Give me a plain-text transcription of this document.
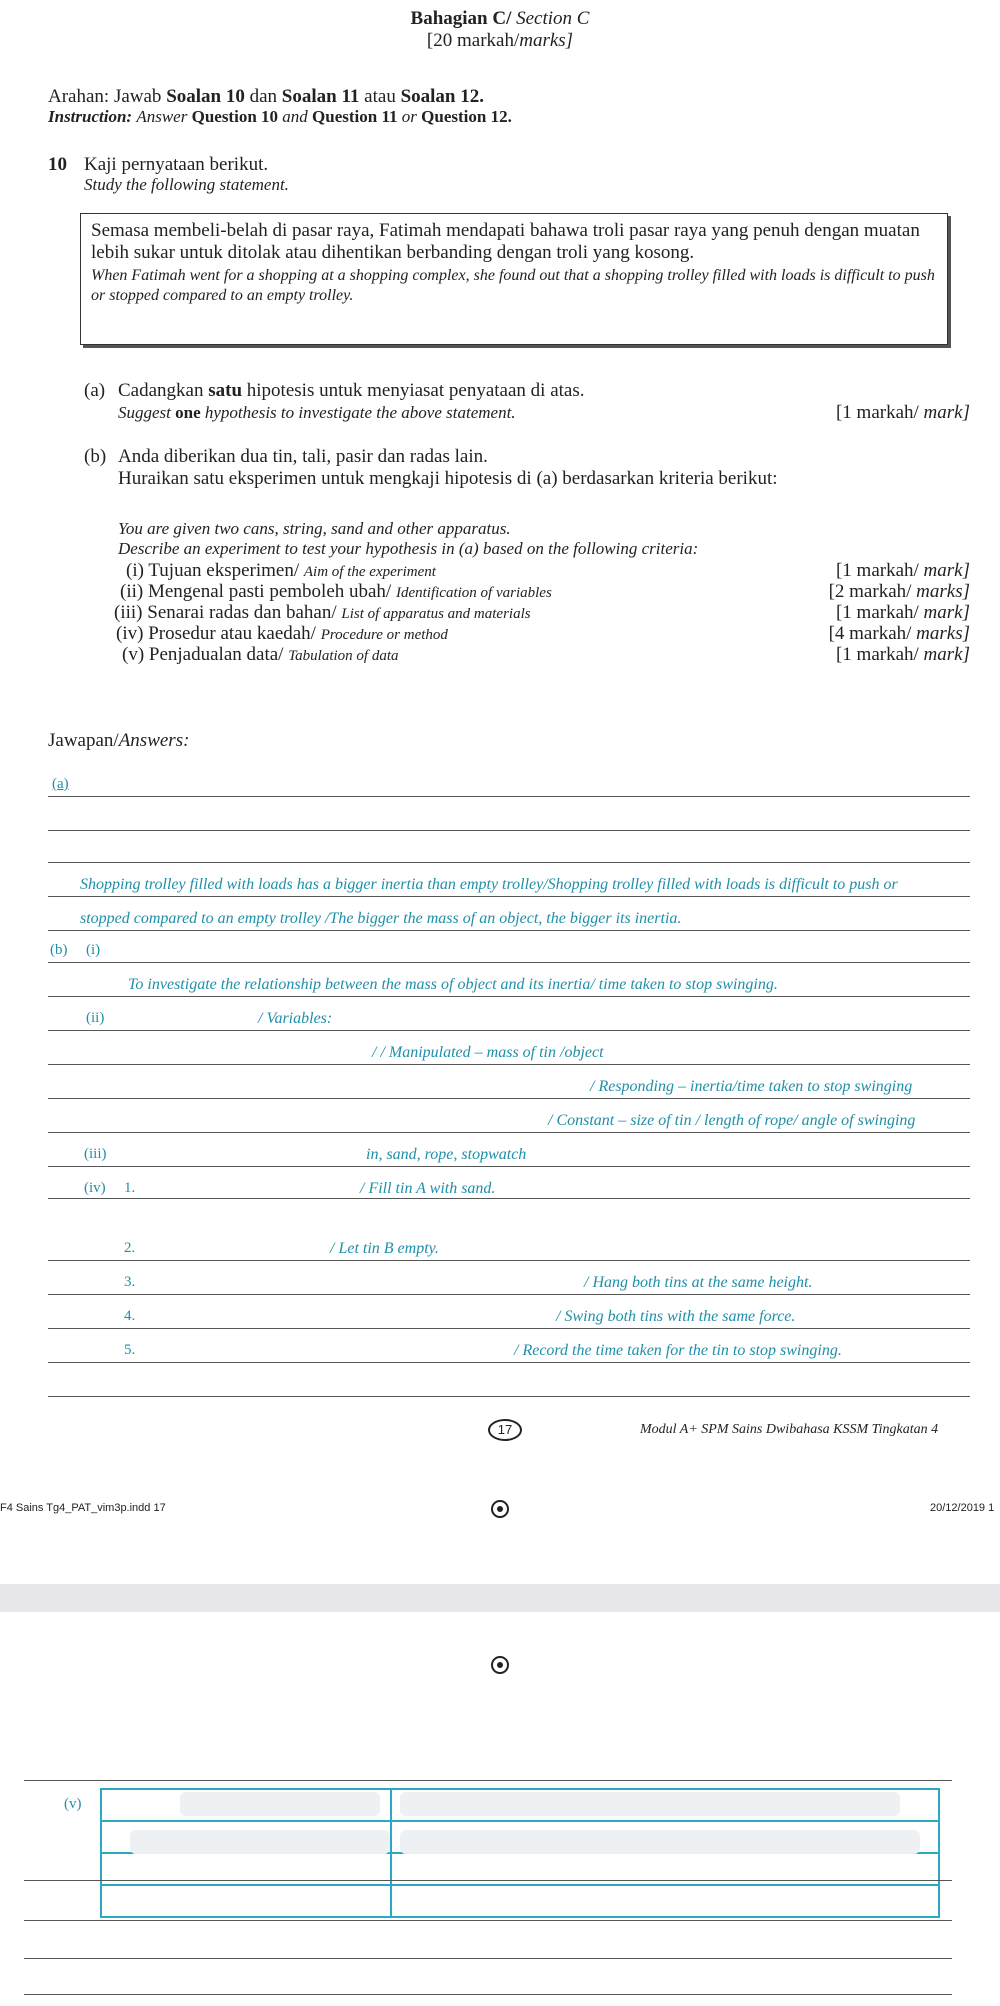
Bahagian C/ Section C
[20 markah/marks]
Arahan: Jawab Soalan 10 dan Soalan 11 atau Soalan 12.
Instruction: Answer Question 10 and Question 11 or Question 12.
10 Kaji pernyataan berikut.
Study the following statement.

Semasa membeli-belah di pasar raya, Fatimah mendapati bahawa troli pasar raya yang penuh dengan muatan lebih sukar untuk ditolak atau dihentikan berbanding dengan troli yang kosong.

When Fatimah went for a shopping at a shopping complex, she found out that a shopping trolley filled with loads is difficult to push or stopped compared to an empty trolley.

(a) Cadangkan satu hipotesis untuk menyiasat penyataan di atas.
Suggest one hypothesis to investigate the above statement.	[1 markah/ mark]
(b) Anda diberikan dua tin, tali, pasir dan radas lain.
Huraikan satu eksperimen untuk mengkaji hipotesis di (a) berdasarkan kriteria berikut:
You are given two cans, string, sand and other apparatus.
Describe an experiment to test your hypothesis in (a) based on the following criteria:
(i) Tujuan eksperimen/ Aim of the experiment	[1 markah/ mark]
(ii) Mengenal pasti pemboleh ubah/ Identification of variables	[2 markah/ marks]
(iii) Senarai radas dan bahan/ List of apparatus and materials	[1 markah/ mark]
(iv) Prosedur atau kaedah/ Procedure or method	[4 markah/ marks]
(v) Penjadualan data/ Tabulation of data	[1 markah/ mark]
Jawapan/Answers:
(a)
Shopping trolley filled with loads has a bigger inertia than empty trolley/Shopping trolley filled with loads is difficult to push or
stopped compared to an empty trolley /The bigger the mass of an object, the bigger its inertia.
(b) (i)
To investigate the relationship between the mass of object and its inertia/ time taken to stop swinging.
(ii)	/ Variables:
/ / Manipulated – mass of tin /object
/ Responding – inertia/time taken to stop swinging
/ Constant – size of tin / length of rope/ angle of swinging
(iii)	in, sand, rope, stopwatch
(iv) 1.	/ Fill tin A with sand.
2.	/ Let tin B empty.
3.	/ Hang both tins at the same height.
4.	/ Swing both tins with the same force.
5.	/ Record the time taken for the tin to stop swinging.
17	Modul A+ SPM Sains Dwibahasa KSSM Tingkatan 4
F4 Sains Tg4_PAT_vim3p.indd 17	20/12/2019 1
(v)	
